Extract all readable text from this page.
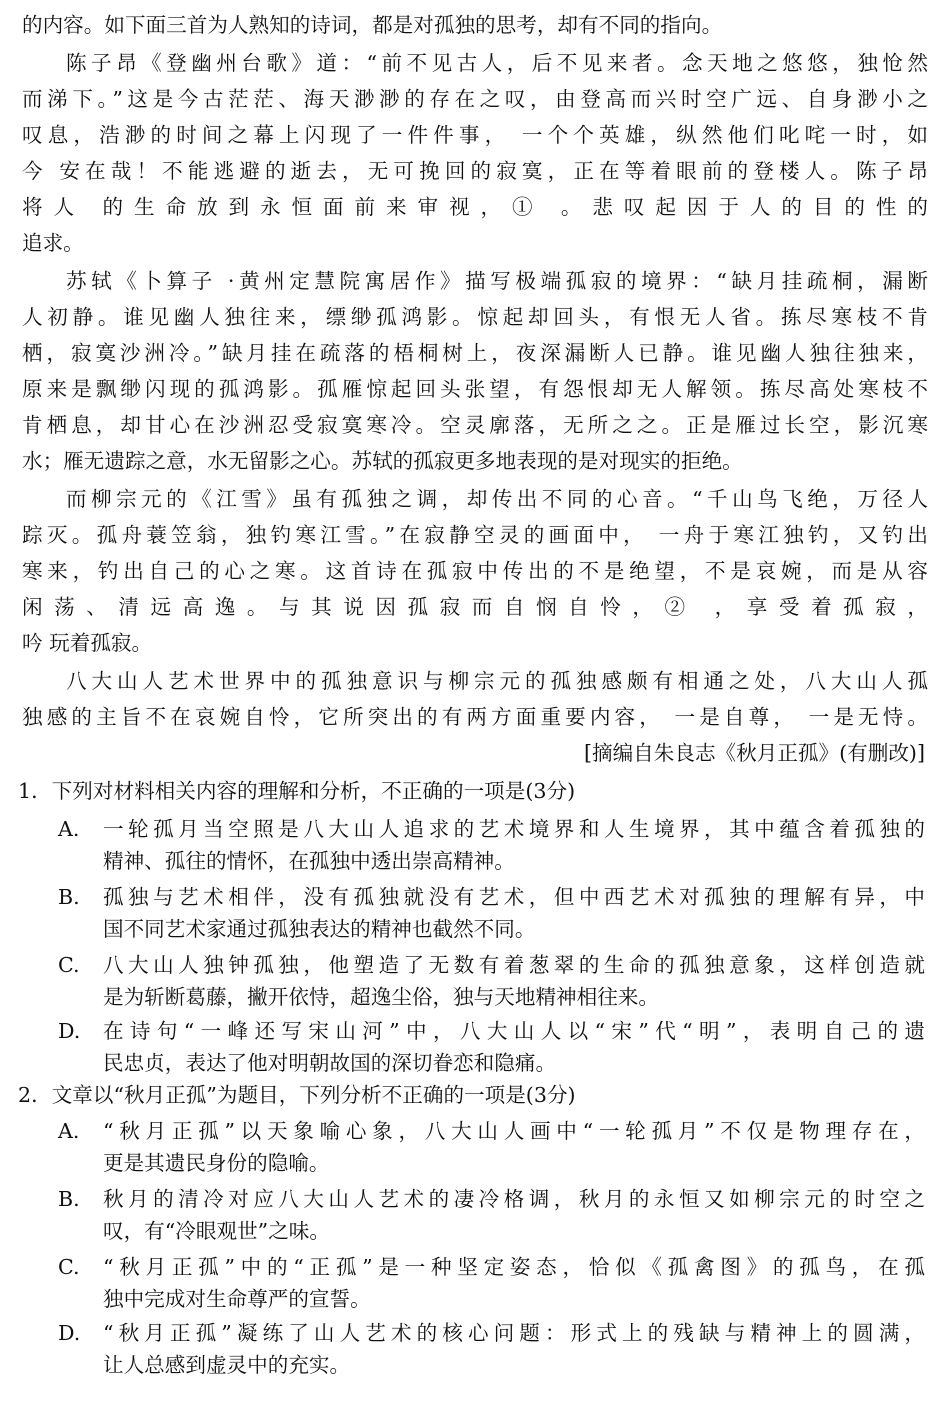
的内容。如下面三首为人熟知的诗词，都是对孤独的思考，却有不同的指向。
陈子昂《登幽州台歌》道：“前不见古人，后不见来者。念天地之悠悠，独怆然
而涕下。”这是今古茫茫、海天渺渺的存在之叹，由登高而兴时空广远、自身渺小之
叹息，浩渺的时间之幕上闪现了一件件事， 一个个英雄，纵然他们叱咤一时，如
今 安在哉！不能逃避的逝去，无可挽回的寂寞，正在等着眼前的登楼人。陈子昂
将人 的生命放到永恒面前来审视，① 。悲叹起因于人的目的性的
追求。
苏轼《卜算子 ·黄州定慧院寓居作》描写极端孤寂的境界：“缺月挂疏桐，漏断
人初静。谁见幽人独往来，缥缈孤鸿影。惊起却回头，有恨无人省。拣尽寒枝不肯
栖，寂寞沙洲冷。”缺月挂在疏落的梧桐树上，夜深漏断人已静。谁见幽人独往独来，
原来是飘缈闪现的孤鸿影。孤雁惊起回头张望，有怨恨却无人解领。拣尽高处寒枝不
肯栖息，却甘心在沙洲忍受寂寞寒冷。空灵廓落，无所之之。正是雁过长空，影沉寒
水；雁无遗踪之意，水无留影之心。苏轼的孤寂更多地表现的是对现实的拒绝。
而柳宗元的《江雪》虽有孤独之调，却传出不同的心音。“千山鸟飞绝，万径人
踪灭。孤舟蓑笠翁，独钓寒江雪。”在寂静空灵的画面中， 一舟于寒江独钓，又钓出
寒来，钓出自己的心之寒。这首诗在孤寂中传出的不是绝望，不是哀婉，而是从容
闲荡、清远高逸。与其说因孤寂而自悯自怜，② ，享受着孤寂，
吟 玩着孤寂。
八大山人艺术世界中的孤独意识与柳宗元的孤独感颇有相通之处，八大山人孤
独感的主旨不在哀婉自怜，它所突出的有两方面重要内容， 一是自尊， 一是无恃。
[摘编自朱良志《秋月正孤》(有删改)]
1．下列对材料相关内容的理解和分析，不正确的一项是(3分)
A.	一轮孤月当空照是八大山人追求的艺术境界和人生境界，其中蕴含着孤独的
精神、孤往的情怀，在孤独中透出崇高精神。
B.	孤独与艺术相伴，没有孤独就没有艺术，但中西艺术对孤独的理解有异，中
国不同艺术家通过孤独表达的精神也截然不同。
C.	八大山人独钟孤独，他塑造了无数有着葱翠的生命的孤独意象，这样创造就
是为斩断葛藤，撇开依恃，超逸尘俗，独与天地精神相往来。
D.	在诗句“一峰还写宋山河”中，八大山人以“宋”代“明”，表明自己的遗
民忠贞，表达了他对明朝故国的深切眷恋和隐痛。
2．文章以“秋月正孤”为题目，下列分析不正确的一项是(3分)
A.	“秋月正孤”以天象喻心象，八大山人画中“一轮孤月”不仅是物理存在，
更是其遗民身份的隐喻。
B.	秋月的清冷对应八大山人艺术的凄冷格调，秋月的永恒又如柳宗元的时空之
叹，有“冷眼观世”之味。
C.	“秋月正孤”中的“正孤”是一种坚定姿态，恰似《孤禽图》的孤鸟，在孤
独中完成对生命尊严的宣誓。
D.	“秋月正孤”凝练了山人艺术的核心问题：形式上的残缺与精神上的圆满，
让人总感到虚灵中的充实。
